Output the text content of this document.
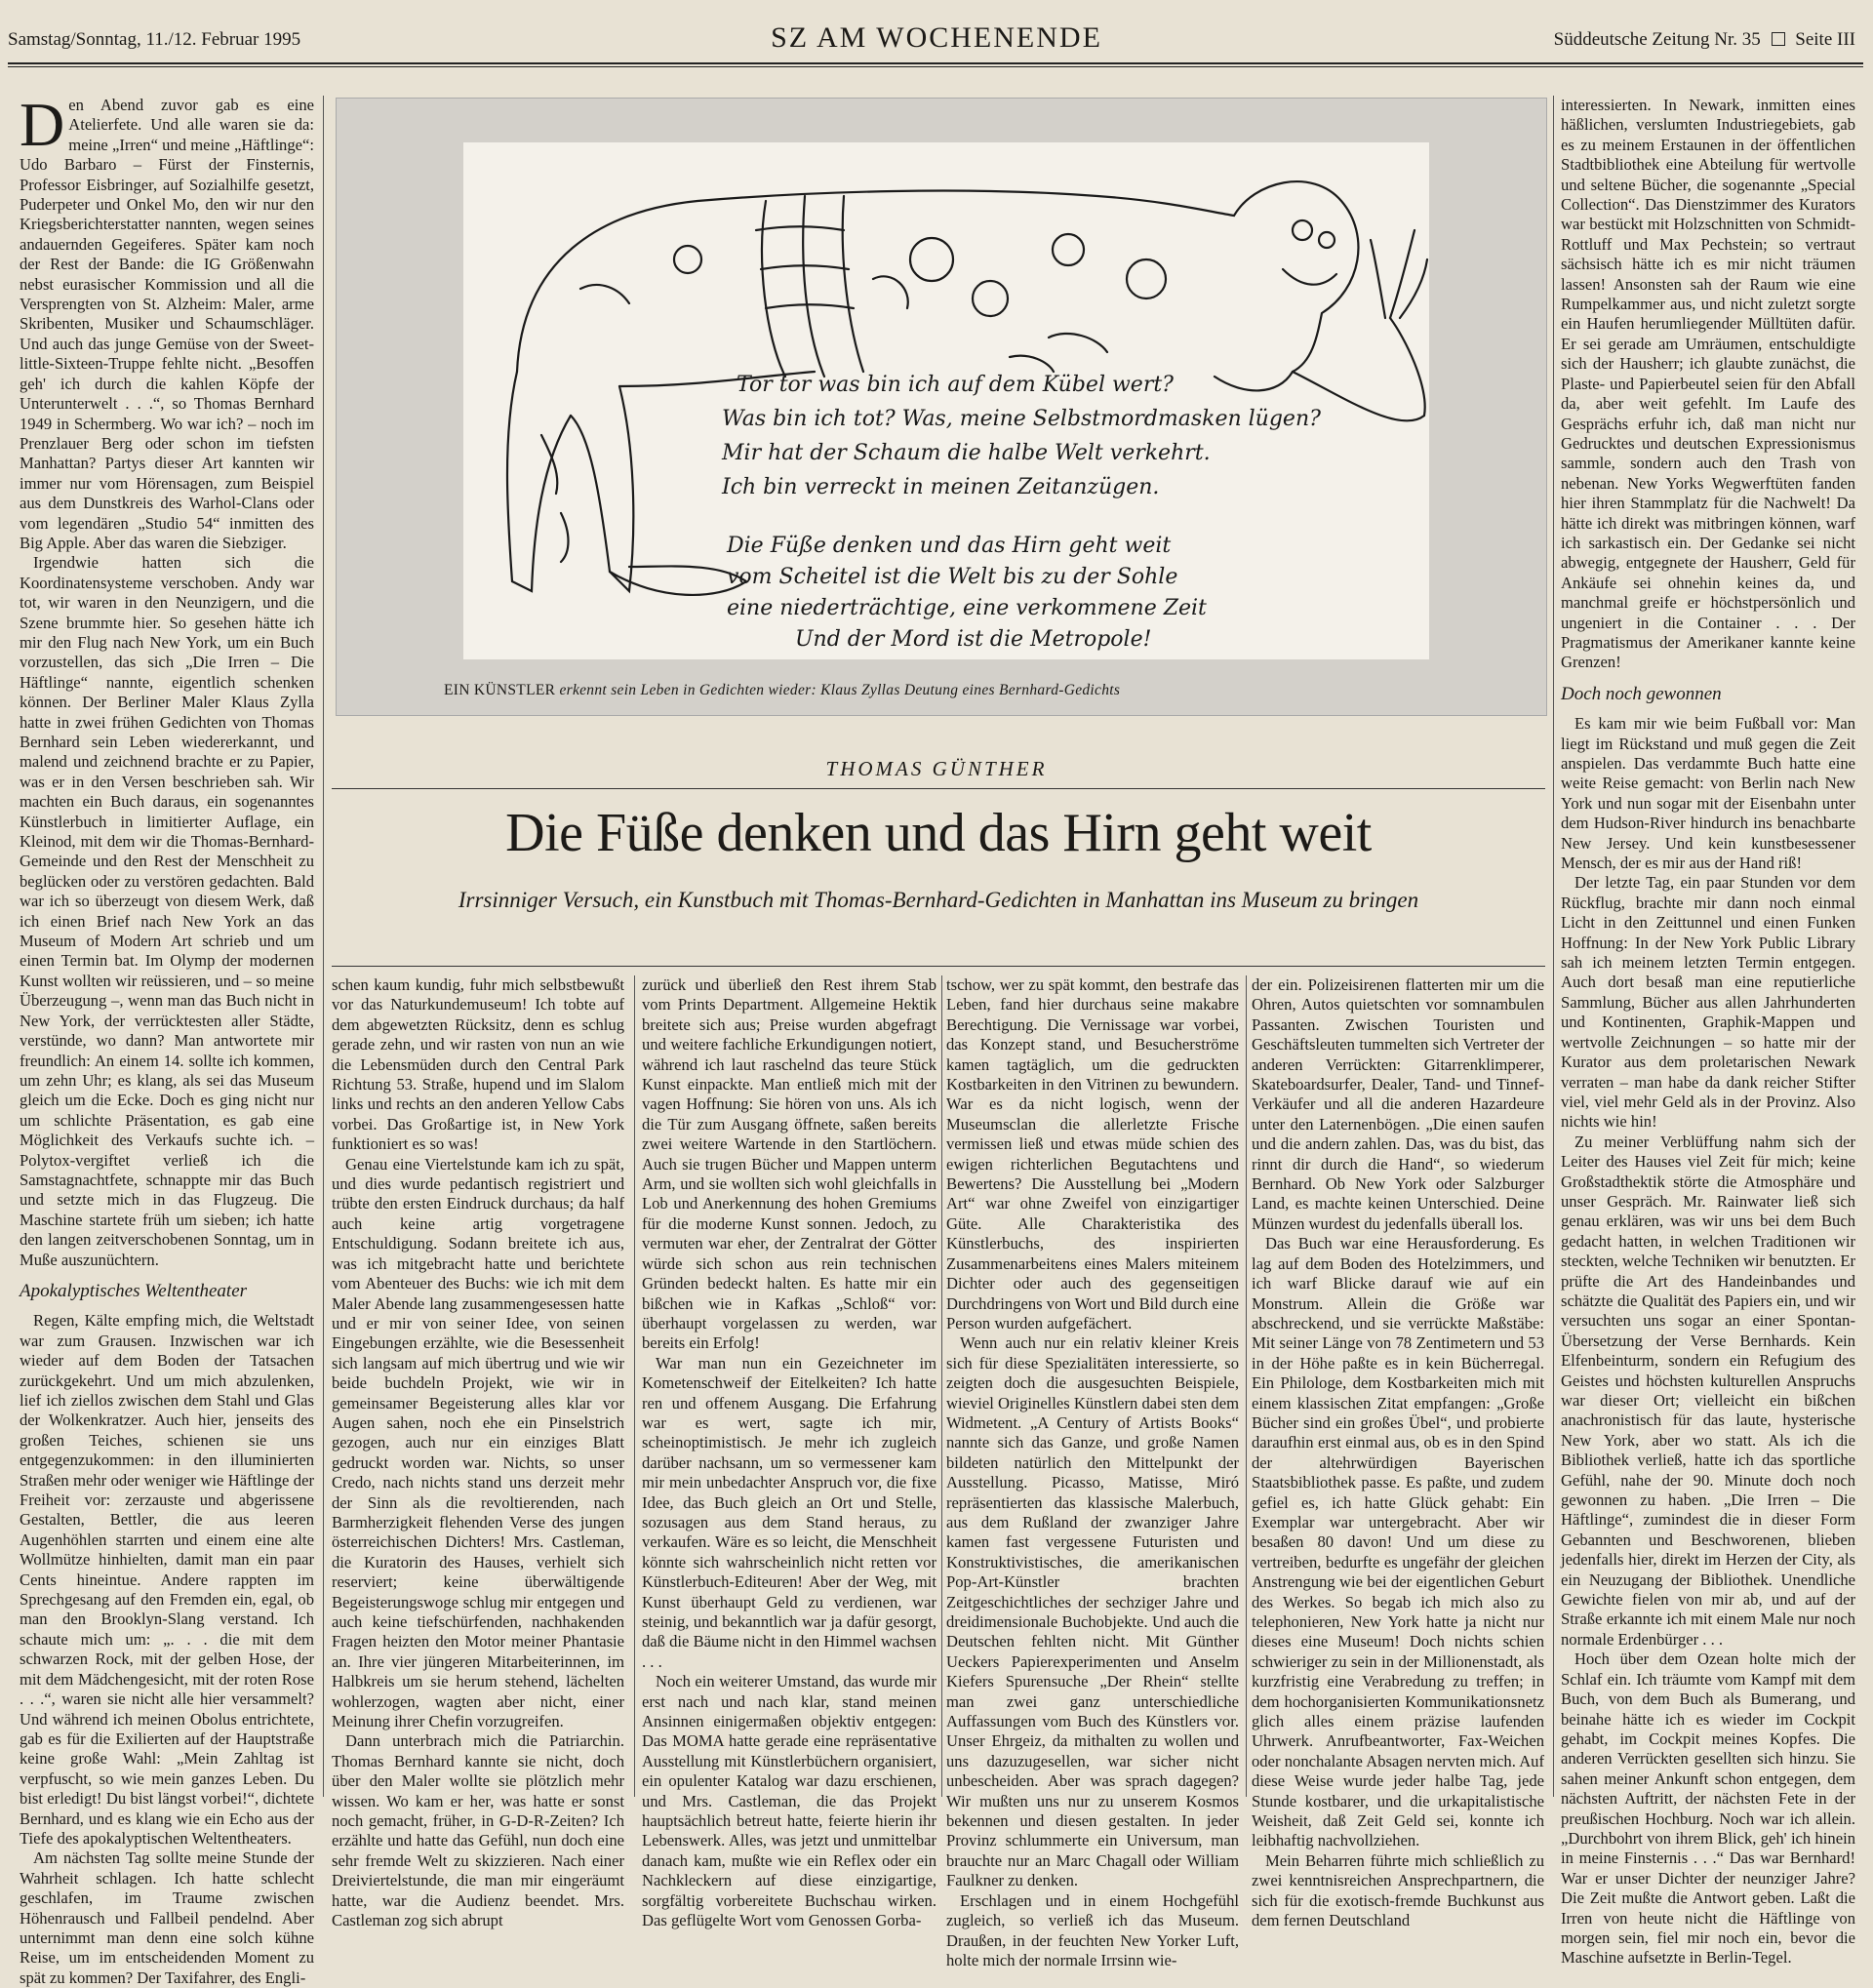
Samstag/Sonntag, 11./12. Februar 1995	SZ AM WOCHENENDE	Süddeutsche Zeitung Nr. 35 Seite III

Den Abend zuvor gab es eine Atelierfete. Und alle waren sie da: meine „Irren“ und meine „Häftlinge“: Udo Barbaro – Fürst der Finsternis, Professor Eisbringer, auf Sozialhilfe gesetzt, Puderpeter und Onkel Mo, den wir nur den Kriegsberichterstatter nannten, wegen seines andauernden Gegeiferes. Später kam noch der Rest der Bande: die IG Größenwahn nebst eurasischer Kommission und all die Versprengten von St. Alzheim: Maler, arme Skribenten, Musiker und Schaumschläger. Und auch das junge Gemüse von der Sweet-little-Sixteen-Truppe fehlte nicht. „Besoffen geh' ich durch die kahlen Köpfe der Unterunterwelt . . .“, so Thomas Bernhard 1949 in Schermberg. Wo war ich? – noch im Prenzlauer Berg oder schon im tiefsten Manhattan? Partys dieser Art kannten wir immer nur vom Hörensagen, zum Beispiel aus dem Dunstkreis des Warhol-Clans oder vom legendären „Studio 54“ inmitten des Big Apple. Aber das waren die Siebziger.

Irgendwie hatten sich die Koordinatensysteme verschoben. Andy war tot, wir waren in den Neunzigern, und die Szene brummte hier. So gesehen hätte ich mir den Flug nach New York, um ein Buch vorzustellen, das sich „Die Irren – Die Häftlinge“ nannte, eigentlich schenken können. Der Berliner Maler Klaus Zylla hatte in zwei frühen Gedichten von Thomas Bernhard sein Leben wiedererkannt, und malend und zeichnend brachte er zu Papier, was er in den Versen beschrieben sah. Wir machten ein Buch daraus, ein sogenanntes Künstlerbuch in limitierter Auflage, ein Kleinod, mit dem wir die Thomas-Bernhard-Gemeinde und den Rest der Menschheit zu beglücken oder zu verstören gedachten. Bald war ich so überzeugt von diesem Werk, daß ich einen Brief nach New York an das Museum of Modern Art schrieb und um einen Termin bat. Im Olymp der modernen Kunst wollten wir reüssieren, und – so meine Überzeugung –, wenn man das Buch nicht in New York, der verrücktesten aller Städte, verstünde, wo dann? Man antwortete mir freundlich: An einem 14. sollte ich kommen, um zehn Uhr; es klang, als sei das Museum gleich um die Ecke. Doch es ging nicht nur um schlichte Präsentation, es gab eine Möglichkeit des Verkaufs suchte ich. – Polytox-vergiftet verließ ich die Samstagnachtfete, schnappte mir das Buch und setzte mich in das Flugzeug. Die Maschine startete früh um sieben; ich hatte den langen zeitverschobenen Sonntag, um in Muße auszunüchtern.

Apokalyptisches Weltentheater

Regen, Kälte empfing mich, die Weltstadt war zum Grausen. Inzwischen war ich wieder auf dem Boden der Tatsachen zurückgekehrt. Und um mich abzulenken, lief ich ziellos zwischen dem Stahl und Glas der Wolkenkratzer. Auch hier, jenseits des großen Teiches, schienen sie uns entgegenzukommen: in den illuminierten Straßen mehr oder weniger wie Häftlinge der Freiheit vor: zerzauste und abgerissene Gestalten, Bettler, die aus leeren Augenhöhlen starrten und einem eine alte Wollmütze hinhielten, damit man ein paar Cents hineintue. Andere rappten im Sprechgesang auf den Fremden ein, egal, ob man den Brooklyn-Slang verstand. Ich schaute mich um: „. . . die mit dem schwarzen Rock, mit der gelben Hose, der mit dem Mädchengesicht, mit der roten Rose . . .“, waren sie nicht alle hier versammelt? Und während ich meinen Obolus entrichtete, gab es für die Exilierten auf der Hauptstraße keine große Wahl: „Mein Zahltag ist verpfuscht, so wie mein ganzes Leben. Du bist erledigt! Du bist längst vorbei!“, dichtete Bernhard, und es klang wie ein Echo aus der Tiefe des apokalyptischen Weltentheaters.

Am nächsten Tag sollte meine Stunde der Wahrheit schlagen. Ich hatte schlecht geschlafen, im Traume zwischen Höhenrausch und Fallbeil pendelnd. Aber unternimmt man denn eine solch kühne Reise, um im entscheidenden Moment zu spät zu kommen? Der Taxifahrer, des Engli-

Tor tor was bin ich auf dem Kübel wert?
Was bin ich tot? Was, meine Selbstmordmasken lügen?
Mir hat der Schaum die halbe Welt verkehrt.
Ich bin verreckt in meinen Zeitanzügen.
Die Füße denken und das Hirn geht weit
vom Scheitel ist die Welt bis zu der Sohle
eine niederträchtige, eine verkommene Zeit
Und der Mord ist die Metropole!
EIN KÜNSTLER erkennt sein Leben in Gedichten wieder: Klaus Zyllas Deutung eines Bernhard-Gedichts
THOMAS GÜNTHER
Die Füße denken und das Hirn geht weit
Irrsinniger Versuch, ein Kunstbuch mit Thomas-Bernhard-Gedichten in Manhattan ins Museum zu bringen

schen kaum kundig, fuhr mich selbstbewußt vor das Naturkundemuseum! Ich tobte auf dem abgewetzten Rücksitz, denn es schlug gerade zehn, und wir rasten von nun an wie die Lebensmüden durch den Central Park Richtung 53. Straße, hupend und im Slalom links und rechts an den anderen Yellow Cabs vorbei. Das Großartige ist, in New York funktioniert es so was!

Genau eine Viertelstunde kam ich zu spät, und dies wurde pedantisch registriert und trübte den ersten Eindruck durchaus; da half auch keine artig vorgetragene Entschuldigung. Sodann breitete ich aus, was ich mitgebracht hatte und berichtete vom Abenteuer des Buchs: wie ich mit dem Maler Abende lang zusammengesessen hatte und er mir von seiner Idee, von seinen Eingebungen erzählte, wie die Besessenheit sich langsam auf mich übertrug und wie wir beide buchdeln Projekt, wie wir in gemeinsamer Begeisterung alles klar vor Augen sahen, noch ehe ein Pinselstrich gezogen, auch nur ein einziges Blatt gedruckt worden war. Nichts, so unser Credo, nach nichts stand uns derzeit mehr der Sinn als die revoltierenden, nach Barmherzigkeit flehenden Verse des jungen österreichischen Dichters! Mrs. Castleman, die Kuratorin des Hauses, verhielt sich reserviert; keine überwältigende Begeisterungswoge schlug mir entgegen und auch keine tiefschürfenden, nachhakenden Fragen heizten den Motor meiner Phantasie an. Ihre vier jüngeren Mitarbeiterinnen, im Halbkreis um sie herum stehend, lächelten wohlerzogen, wagten aber nicht, einer Meinung ihrer Chefin vorzugreifen.

Dann unterbrach mich die Patriarchin. Thomas Bernhard kannte sie nicht, doch über den Maler wollte sie plötzlich mehr wissen. Wo kam er her, was hatte er sonst noch gemacht, früher, in G-D-R-Zeiten? Ich erzählte und hatte das Gefühl, nun doch eine sehr fremde Welt zu skizzieren. Nach einer Dreiviertelstunde, die man mir eingeräumt hatte, war die Audienz beendet. Mrs. Castleman zog sich abrupt

zurück und überließ den Rest ihrem Stab vom Prints Department. Allgemeine Hektik breitete sich aus; Preise wurden abgefragt und weitere fachliche Erkundigungen notiert, während ich laut raschelnd das teure Stück Kunst einpackte. Man entließ mich mit der vagen Hoffnung: Sie hören von uns. Als ich die Tür zum Ausgang öffnete, saßen bereits zwei weitere Wartende in den Startlöchern. Auch sie trugen Bücher und Mappen unterm Arm, und sie wollten sich wohl gleichfalls in Lob und Anerkennung des hohen Gremiums für die moderne Kunst sonnen. Jedoch, zu vermuten war eher, der Zentralrat der Götter würde sich schon aus rein technischen Gründen bedeckt halten. Es hatte mir ein bißchen wie in Kafkas „Schloß“ vor: überhaupt vorgelassen zu werden, war bereits ein Erfolg!

War man nun ein Gezeichneter im Kometenschweif der Eitelkeiten? Ich hatte ren und offenem Ausgang. Die Erfahrung war es wert, sagte ich mir, scheinoptimistisch. Je mehr ich zugleich darüber nachsann, um so vermessener kam mir mein unbedachter Anspruch vor, die fixe Idee, das Buch gleich an Ort und Stelle, sozusagen aus dem Stand heraus, zu verkaufen. Wäre es so leicht, die Menschheit könnte sich wahrscheinlich nicht retten vor Künstlerbuch-Editeuren! Aber der Weg, mit Kunst überhaupt Geld zu verdienen, war steinig, und bekanntlich war ja dafür gesorgt, daß die Bäume nicht in den Himmel wachsen . . .

Noch ein weiterer Umstand, das wurde mir erst nach und nach klar, stand meinen Ansinnen einigermaßen objektiv entgegen: Das MOMA hatte gerade eine repräsentative Ausstellung mit Künstlerbüchern organisiert, ein opulenter Katalog war dazu erschienen, und Mrs. Castleman, die das Projekt hauptsächlich betreut hatte, feierte hierin ihr Lebenswerk. Alles, was jetzt und unmittelbar danach kam, mußte wie ein Reflex oder ein Nachkleckern auf diese einzigartige, sorgfältig vorbereitete Buchschau wirken. Das geflügelte Wort vom Genossen Gorba-

tschow, wer zu spät kommt, den bestrafe das Leben, fand hier durchaus seine makabre Berechtigung. Die Vernissage war vorbei, das Konzept stand, und Besucherströme kamen tagtäglich, um die gedruckten Kostbarkeiten in den Vitrinen zu bewundern. War es da nicht logisch, wenn der Museumsclan die allerletzte Frische vermissen ließ und etwas müde schien des ewigen richterlichen Begutachtens und Bewertens? Die Ausstellung bei „Modern Art“ war ohne Zweifel von einzigartiger Güte. Alle Charakteristika des Künstlerbuchs, des inspirierten Zusammenarbeitens eines Malers miteinem Dichter oder auch des gegenseitigen Durchdringens von Wort und Bild durch eine Person wurden aufgefächert.

Wenn auch nur ein relativ kleiner Kreis sich für diese Spezialitäten interessierte, so zeigten doch die ausgesuchten Beispiele, wieviel Originelles Künstlern dabei sten dem Widmetent. „A Century of Artists Books“ nannte sich das Ganze, und große Namen bildeten natürlich den Mittelpunkt der Ausstellung. Picasso, Matisse, Miró repräsentierten das klassische Malerbuch, aus dem Rußland der zwanziger Jahre kamen fast vergessene Futuristen und Konstruktivistisches, die amerikanischen Pop-Art-Künstler brachten Zeitgeschichtliches der sechziger Jahre und dreidimensionale Buchobjekte. Und auch die Deutschen fehlten nicht. Mit Günther Ueckers Papierexperimenten und Anselm Kiefers Spurensuche „Der Rhein“ stellte man zwei ganz unterschiedliche Auffassungen vom Buch des Künstlers vor. Unser Ehrgeiz, da mithalten zu wollen und uns dazuzugesellen, war sicher nicht unbescheiden. Aber was sprach dagegen? Wir mußten uns nur zu unserem Kosmos bekennen und diesen gestalten. In jeder Provinz schlummerte ein Universum, man brauchte nur an Marc Chagall oder William Faulkner zu denken.

Erschlagen und in einem Hochgefühl zugleich, so verließ ich das Museum. Draußen, in der feuchten New Yorker Luft, holte mich der normale Irrsinn wie-

der ein. Polizeisirenen flatterten mir um die Ohren, Autos quietschten vor somnambulen Passanten. Zwischen Touristen und Geschäftsleuten tummelten sich Vertreter der anderen Verrückten: Gitarrenklimperer, Skateboardsurfer, Dealer, Tand- und Tinnef-Verkäufer und all die anderen Hazardeure unter den Laternenbögen. „Die einen saufen und die andern zahlen. Das, was du bist, das rinnt dir durch die Hand“, so wiederum Bernhard. Ob New York oder Salzburger Land, es machte keinen Unterschied. Deine Münzen wurdest du jedenfalls überall los.

Das Buch war eine Herausforderung. Es lag auf dem Boden des Hotelzimmers, und ich warf Blicke darauf wie auf ein Monstrum. Allein die Größe war abschreckend, und sie verrückte Maßstäbe: Mit seiner Länge von 78 Zentimetern und 53 in der Höhe paßte es in kein Bücherregal. Ein Philologe, dem Kostbarkeiten mich mit einem klassischen Zitat empfangen: „Große Bücher sind ein großes Übel“, und probierte daraufhin erst einmal aus, ob es in den Spind der altehrwürdigen Bayerischen Staatsbibliothek passe. Es paßte, und zudem gefiel es, ich hatte Glück gehabt: Ein Exemplar war untergebracht. Aber wir besaßen 80 davon! Und um diese zu vertreiben, bedurfte es ungefähr der gleichen Anstrengung wie bei der eigentlichen Geburt des Werkes. So begab ich mich also zu telephonieren, New York hatte ja nicht nur dieses eine Museum! Doch nichts schien schwieriger zu sein in der Millionenstadt, als kurzfristig eine Verabredung zu treffen; in dem hochorganisierten Kommunikationsnetz glich alles einem präzise laufenden Uhrwerk. Anrufbeantworter, Fax-Weichen oder nonchalante Absagen nervten mich. Auf diese Weise wurde jeder halbe Tag, jede Stunde kostbarer, und die urkapitalistische Weisheit, daß Zeit Geld sei, konnte ich leibhaftig nachvollziehen.

Mein Beharren führte mich schließlich zu zwei kenntnisreichen Ansprechpartnern, die sich für die exotisch-fremde Buchkunst aus dem fernen Deutschland

interessierten. In Newark, inmitten eines häßlichen, verslumten Industriegebiets, gab es zu meinem Erstaunen in der öffentlichen Stadtbibliothek eine Abteilung für wertvolle und seltene Bücher, die sogenannte „Special Collection“. Das Dienstzimmer des Kurators war bestückt mit Holzschnitten von Schmidt-Rottluff und Max Pechstein; so vertraut sächsisch hätte ich es mir nicht träumen lassen! Ansonsten sah der Raum wie eine Rumpelkammer aus, und nicht zuletzt sorgte ein Haufen herumliegender Mülltüten dafür. Er sei gerade am Umräumen, entschuldigte sich der Hausherr; ich glaubte zunächst, die Plaste- und Papierbeutel seien für den Abfall da, aber weit gefehlt. Im Laufe des Gesprächs erfuhr ich, daß man nicht nur Gedrucktes und deutschen Expressionismus sammle, sondern auch den Trash von nebenan. New Yorks Wegwerftüten fanden hier ihren Stammplatz für die Nachwelt! Da hätte ich direkt was mitbringen können, warf ich sarkastisch ein. Der Gedanke sei nicht abwegig, entgegnete der Hausherr, Geld für Ankäufe sei ohnehin keines da, und manchmal greife er höchstpersönlich und ungeniert in die Container . . . Der Pragmatismus der Amerikaner kannte keine Grenzen!

Doch noch gewonnen

Es kam mir wie beim Fußball vor: Man liegt im Rückstand und muß gegen die Zeit anspielen. Das verdammte Buch hatte eine weite Reise gemacht: von Berlin nach New York und nun sogar mit der Eisenbahn unter dem Hudson-River hindurch ins benachbarte New Jersey. Und kein kunstbesessener Mensch, der es mir aus der Hand riß!

Der letzte Tag, ein paar Stunden vor dem Rückflug, brachte mir dann noch einmal Licht in den Zeittunnel und einen Funken Hoffnung: In der New York Public Library sah ich meinem letzten Termin entgegen. Auch dort besaß man eine reputierliche Sammlung, Bücher aus allen Jahrhunderten und Kontinenten, Graphik-Mappen und wertvolle Zeichnungen – so hatte mir der Kurator aus dem proletarischen Newark verraten – man habe da dank reicher Stifter viel, viel mehr Geld als in der Provinz. Also nichts wie hin!

Zu meiner Verblüffung nahm sich der Leiter des Hauses viel Zeit für mich; keine Großstadthektik störte die Atmosphäre und unser Gespräch. Mr. Rainwater ließ sich genau erklären, was wir uns bei dem Buch gedacht hatten, in welchen Traditionen wir steckten, welche Techniken wir benutzten. Er prüfte die Art des Handeinbandes und schätzte die Qualität des Papiers ein, und wir versuchten uns sogar an einer Spontan-Übersetzung der Verse Bernhards. Kein Elfenbeinturm, sondern ein Refugium des Geistes und höchsten kulturellen Anspruchs war dieser Ort; vielleicht ein bißchen anachronistisch für das laute, hysterische New York, aber wo statt. Als ich die Bibliothek verließ, hatte ich das sportliche Gefühl, nahe der 90. Minute doch noch gewonnen zu haben. „Die Irren – Die Häftlinge“, zumindest die in dieser Form Gebannten und Beschworenen, blieben jedenfalls hier, direkt im Herzen der City, als ein Neuzugang der Bibliothek. Unendliche Gewichte fielen von mir ab, und auf der Straße erkannte ich mit einem Male nur noch normale Erdenbürger . . .

Hoch über dem Ozean holte mich der Schlaf ein. Ich träumte vom Kampf mit dem Buch, von dem Buch als Bumerang, und beinahe hätte ich es wieder im Cockpit gehabt, im Cockpit meines Kopfes. Die anderen Verrückten gesellten sich hinzu. Sie sahen meiner Ankunft schon entgegen, dem nächsten Auftritt, der nächsten Fete in der preußischen Hochburg. Noch war ich allein. „Durchbohrt von ihrem Blick, geh' ich hinein in meine Finsternis . . .“ Das war Bernhard! War er unser Dichter der neunziger Jahre? Die Zeit mußte die Antwort geben. Laßt die Irren von heute nicht die Häftlinge von morgen sein, fiel mir noch ein, bevor die Maschine aufsetzte in Berlin-Tegel.
